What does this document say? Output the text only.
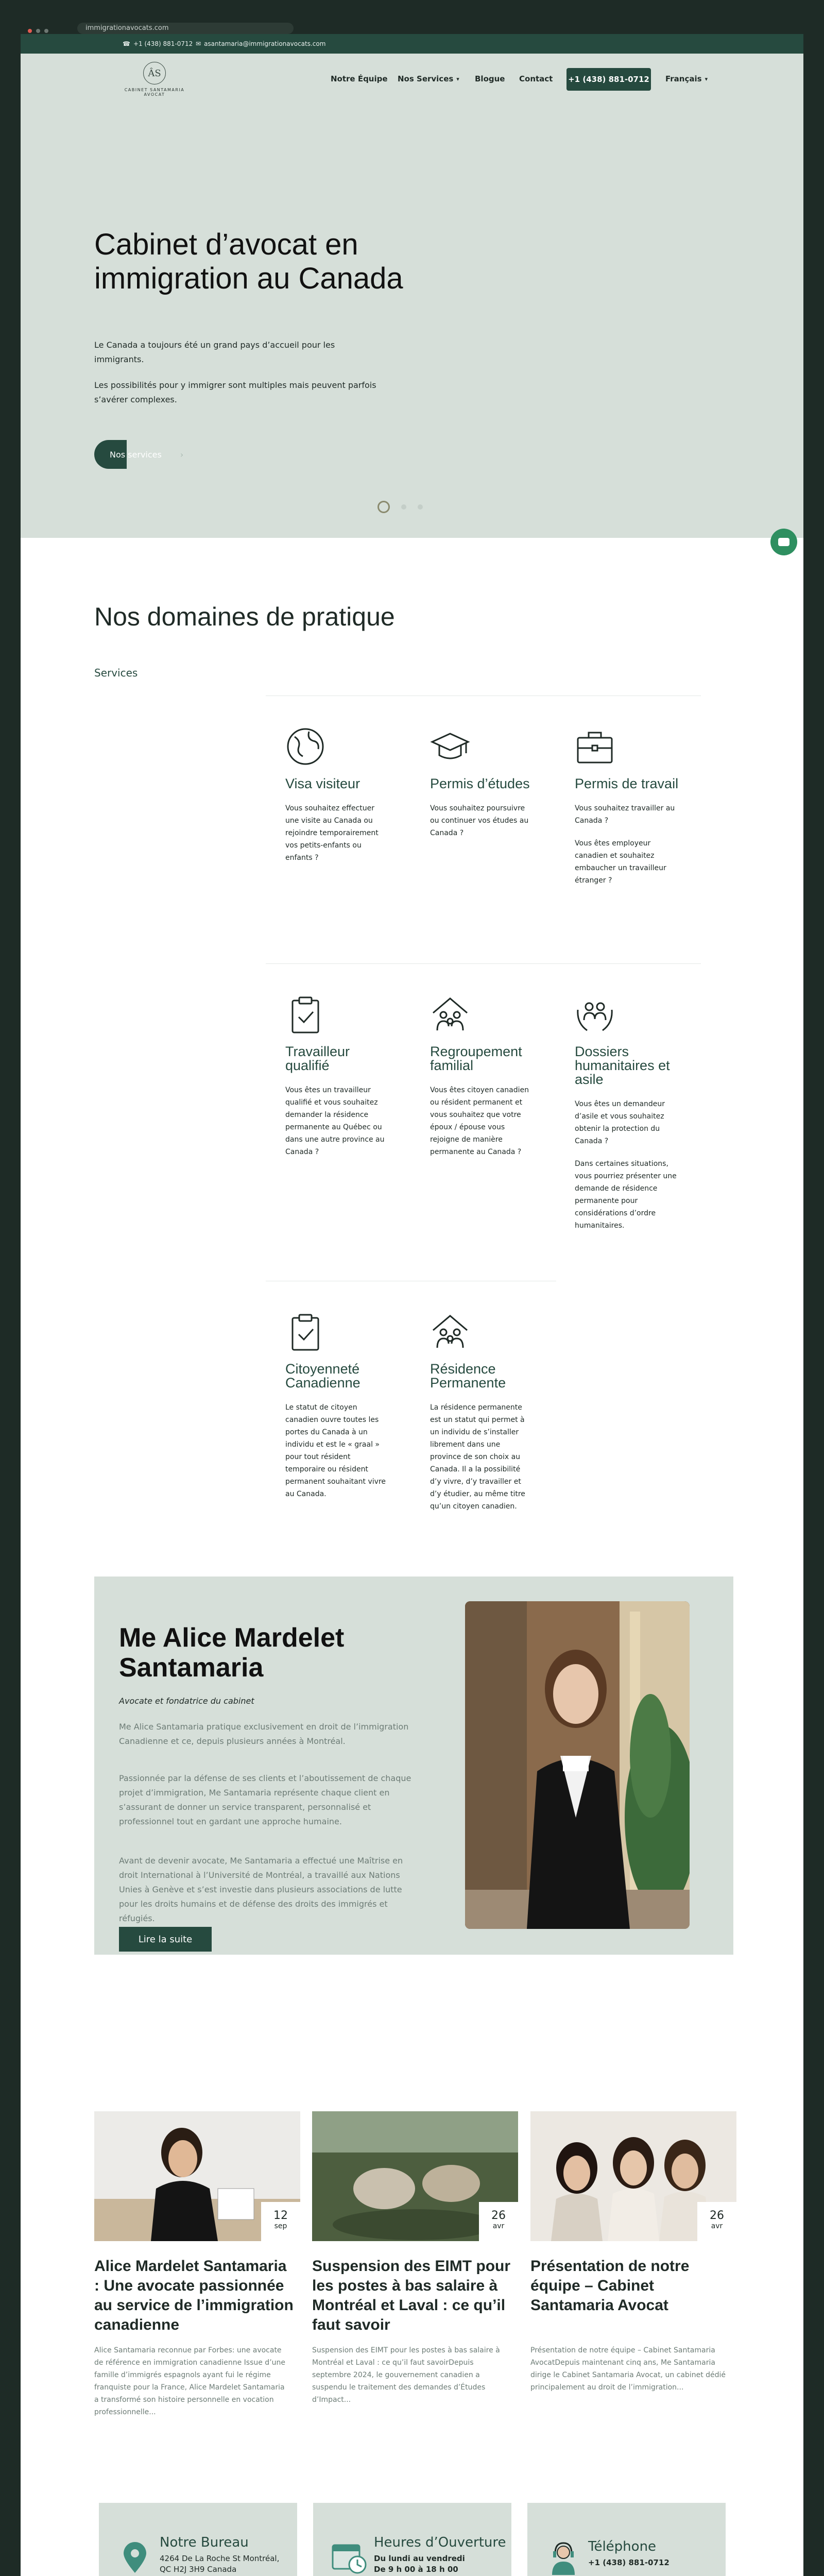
immigrationavocats.com
☎ +1 (438) 881-0712 ✉ asantamaria@immigrationavocats.com
ÂS
CABINET SANTAMARIA AVOCAT
Notre Équipe Nos Services ▾ Blogue Contact +1 (438) 881-0712 Français ▾
Cabinet d’avocat en immigration au Canada

Le Canada a toujours été un grand pays d’accueil pour les immigrants.

Les possibilités pour y immigrer sont multiples mais peuvent parfois s’avérer complexes.

Nos services ›
Nos domaines de pratique
Services
Visa visiteur
Vous souhaitez effectuer une visite au Canada ou rejoindre temporairement vos petits-enfants ou enfants ?
Permis d’études
Vous souhaitez poursuivre ou continuer vos études au Canada ?
Permis de travail
Vous souhaitez travailler au Canada ?
Vous êtes employeur canadien et souhaitez embaucher un travailleur étranger ?
Travailleur qualifié
Vous êtes un travailleur qualifié et vous souhaitez demander la résidence permanente au Québec ou dans une autre province au Canada ?
Regroupement familial
Vous êtes citoyen canadien ou résident permanent et vous souhaitez que votre époux / épouse vous rejoigne de manière permanente au Canada ?
Dossiers humanitaires et asile
Vous êtes un demandeur d’asile et vous souhaitez obtenir la protection du Canada ?
Dans certaines situations, vous pourriez présenter une demande de résidence permanente pour considérations d’ordre humanitaires.
Citoyenneté Canadienne
Le statut de citoyen canadien ouvre toutes les portes du Canada à un individu et est le « graal » pour tout résident temporaire ou résident permanent souhaitant vivre au Canada.
Résidence Permanente
La résidence permanente est un statut qui permet à un individu de s’installer librement dans une province de son choix au Canada. Il a la possibilité d’y vivre, d’y travailler et d’y étudier, au même titre qu’un citoyen canadien.
Me Alice Mardelet Santamaria
Avocate et fondatrice du cabinet

Me Alice Santamaria pratique exclusivement en droit de l’immigration Canadienne et ce, depuis plusieurs années à Montréal.

Passionnée par la défense de ses clients et l’aboutissement de chaque projet d’immigration, Me Santamaria représente chaque client en s’assurant de donner un service transparent, personnalisé et professionnel tout en gardant une approche humaine.

Avant de devenir avocate, Me Santamaria a effectué une Maîtrise en droit International à l’Université de Montréal, a travaillé aux Nations Unies à Genève et s’est investie dans plusieurs associations de lutte pour les droits humains et de défense des droits des immigrés et réfugiés.

Lire la suite
12
sep
Alice Mardelet Santamaria : Une avocate passionnée au service de l’immigration canadienne

Alice Santamaria reconnue par Forbes: une avocate de référence en immigration canadienne Issue d’une famille d’immigrés espagnols ayant fui le régime franquiste pour la France, Alice Mardelet Santamaria a transformé son histoire personnelle en vocation professionnelle...

26
avr
Suspension des EIMT pour les postes à bas salaire à Montréal et Laval : ce qu’il faut savoir

Suspension des EIMT pour les postes à bas salaire à Montréal et Laval : ce qu’il faut savoirDepuis septembre 2024, le gouvernement canadien a suspendu le traitement des demandes d’Études d’Impact...

26
avr
Présentation de notre équipe – Cabinet Santamaria Avocat

Présentation de notre équipe – Cabinet Santamaria AvocatDepuis maintenant cinq ans, Me Santamaria dirige le Cabinet Santamaria Avocat, un cabinet dédié principalement au droit de l’immigration...

Notre Bureau
4264 De La Roche St Montréal,
QC H2J 3H9 Canada
Heures d’Ouverture
Du lundi au vendredi
De 9 h 00 à 18 h 00
Téléphone
+1 (438) 881-0712
